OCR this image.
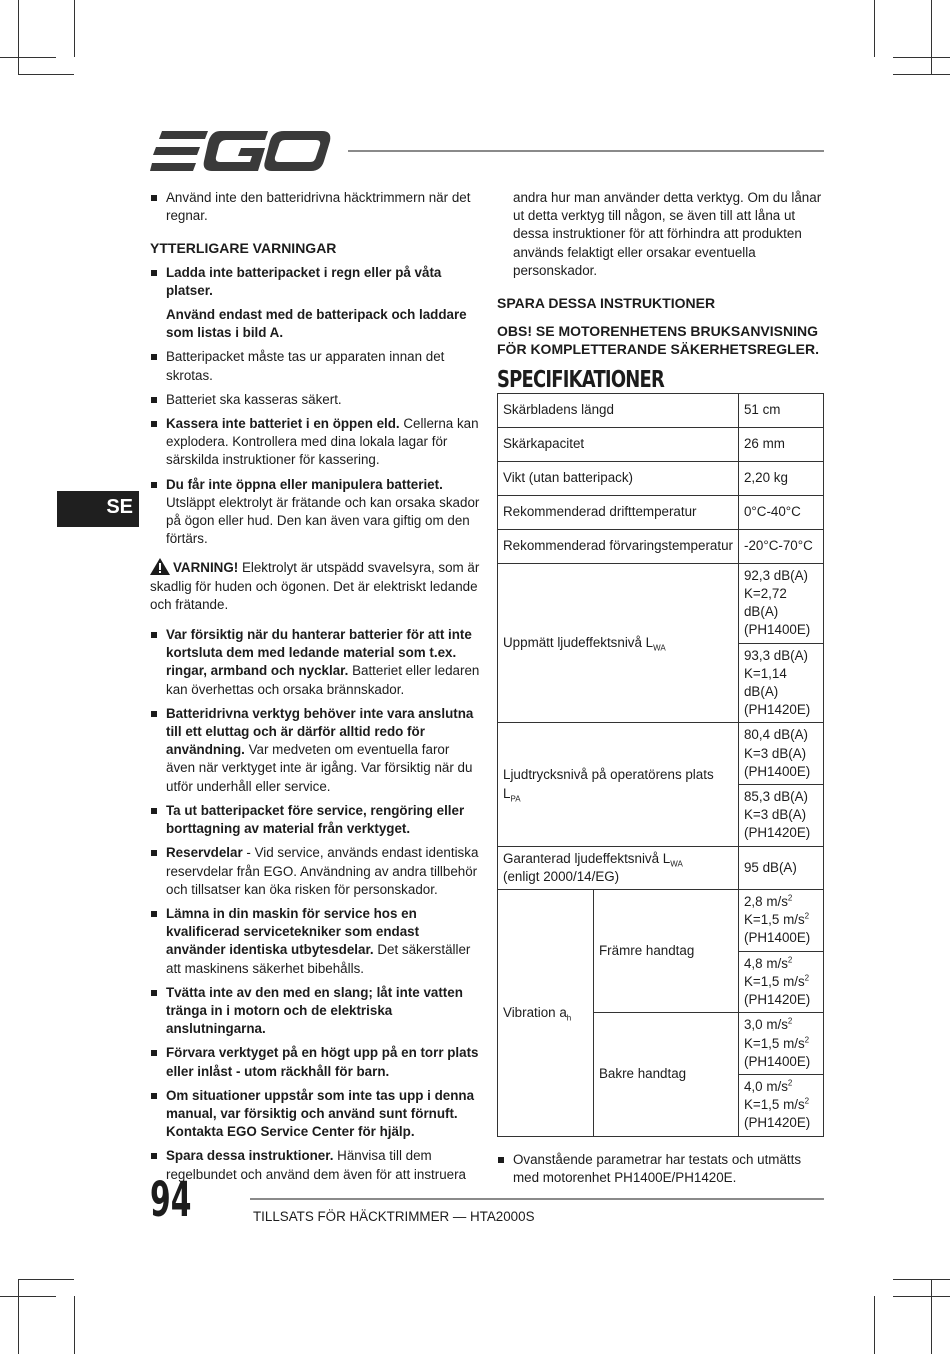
SE
Använd inte den batteridrivna häcktrimmern när det regnar.
YTTERLIGARE VARNINGAR
Ladda inte batteripacket i regn eller på våta platser.
Använd endast med de batteripack och laddare som listas i bild A.
Batteripacket måste tas ur apparaten innan det skrotas.
Batteriet ska kasseras säkert.
Kassera inte batteriet i en öppen eld. Cellerna kan explodera. Kontrollera med dina lokala lagar för särskilda instruktioner för kassering.
Du får inte öppna eller manipulera batteriet. Utsläppt elektrolyt är frätande och kan orsaka skador på ögon eller hud. Den kan även vara giftig om den förtärs.
VARNING! Elektrolyt är utspädd svavelsyra, som är skadlig för huden och ögonen. Det är elektriskt ledande och frätande.
Var försiktig när du hanterar batterier för att inte kortsluta dem med ledande material som t.ex. ringar, armband och nycklar. Batteriet eller ledaren kan överhettas och orsaka brännskador.
Batteridrivna verktyg behöver inte vara anslutna till ett eluttag och är därför alltid redo för användning. Var medveten om eventuella faror även när verktyget inte är igång. Var försiktig när du utför underhåll eller service.
Ta ut batteripacket före service, rengöring eller borttagning av material från verktyget.
Reservdelar - Vid service, används endast identiska reservdelar från EGO. Användning av andra tillbehör och tillsatser kan öka risken för personskador.
Lämna in din maskin för service hos en kvalificerad servicetekniker som endast använder identiska utbytesdelar. Det säkerställer att maskinens säkerhet bibehålls.
Tvätta inte av den med en slang; låt inte vatten tränga in i motorn och de elektriska anslutningarna.
Förvara verktyget på en högt upp på en torr plats eller inlåst - utom räckhåll för barn.
Om situationer uppstår som inte tas upp i denna manual, var försiktig och använd sunt förnuft. Kontakta EGO Service Center för hjälp.
Spara dessa instruktioner. Hänvisa till dem regelbundet och använd dem även för att instruera
andra hur man använder detta verktyg. Om du lånar ut detta verktyg till någon, se även till att låna ut dessa instruktioner för att förhindra att produkten används felaktigt eller orsakar eventuella personskador.
SPARA DESSA INSTRUKTIONER
OBS! SE MOTORENHETENS BRUKSANVISNING FÖR KOMPLETTERANDE SÄKERHETSREGLER.
SPECIFIKATIONER
Skärbladens längd		51 cm
Skärkapacitet		26 mm
Vikt (utan batteripack)		2,20 kg
Rekommenderad drifttemperatur		0°C-40°C
Rekommenderad förvaringstemperatur		-20°C-70°C
Uppmätt ljudeffektsnivå $L_{WA}$		92,3 dB(A)
K=2,72 dB(A)
(PH1400E)

		93,3 dB(A)
K=1,14 dB(A)
(PH1420E)

Ljudtrycksnivå på operatörens plats $L_{PA}$		80,4 dB(A)
K=3 dB(A)
(PH1400E)

		85,3 dB(A)
K=3 dB(A)
(PH1420E)

Garanterad ljudeffektsnivå $L_{WA}$
(enligt 2000/14/EG)		95 dB(A)
Vibration $a_h$	Främre handtag	2,8 $m/s^2$
K=1,5 $m/s^2$
(PH1400E)

		4,8 $m/s^2$
K=1,5 $m/s^2$
(PH1420E)

	Bakre handtag	3,0 $m/s^2$
K=1,5 $m/s^2$
(PH1400E)

		4,0 $m/s^2$
K=1,5 $m/s^2$
(PH1420E)
Ovanstående parametrar har testats och utmätts med motorenhet PH1400E/PH1420E.
94	TILLSATS FÖR HÄCKTRIMMER — HTA2000S
